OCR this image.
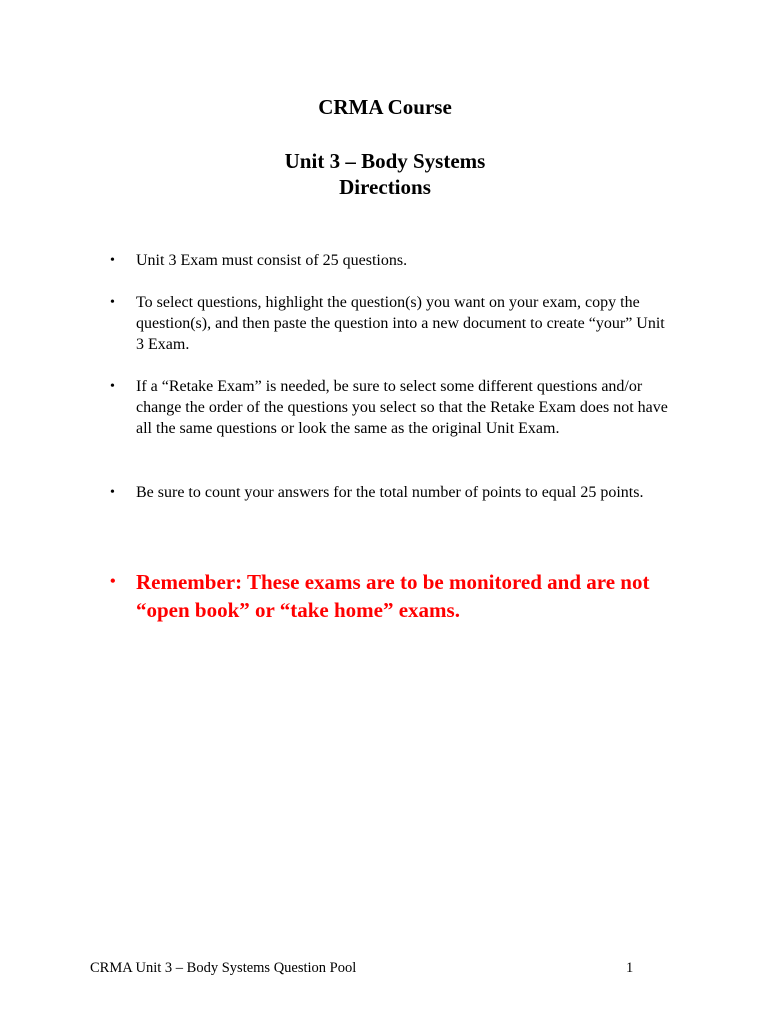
CRMA Course
Unit 3 – Body Systems
Directions
•	Unit 3 Exam must consist of 25 questions.
•	To select questions, highlight the question(s) you want on your exam, copy the question(s), and then paste the question into a new document to create “your” Unit 3 Exam.
•	If a “Retake Exam” is needed, be sure to select some different questions and/or change the order of the questions you select so that the Retake Exam does not have all the same questions or look the same as the original Unit Exam.
•	Be sure to count your answers for the total number of points to equal 25 points.
• Remember: These exams are to be monitored and are not “open book” or “take home” exams.
CRMA Unit 3 – Body Systems Question Pool	1
